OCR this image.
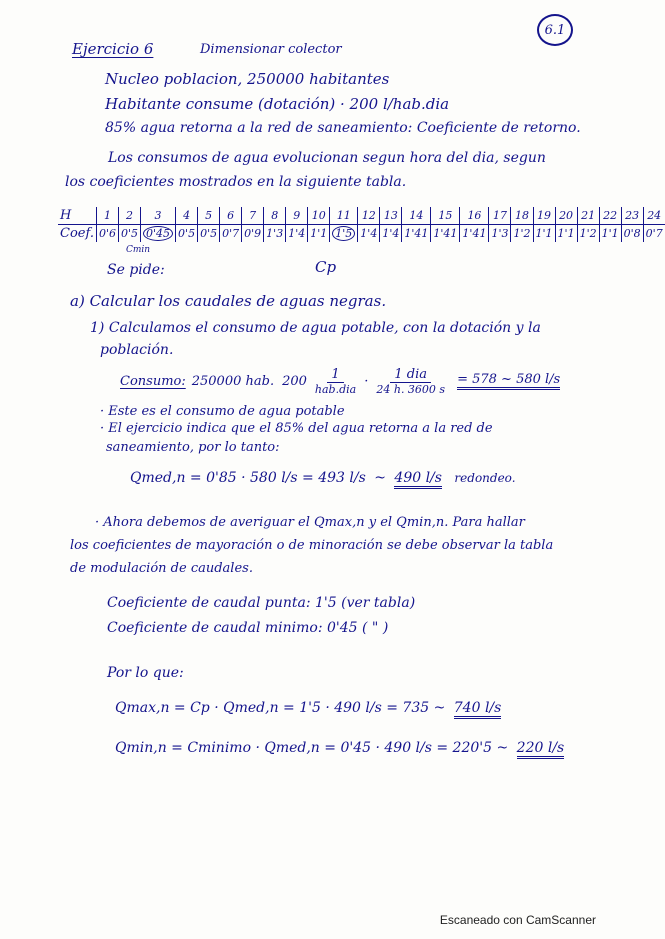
6.1
Ejercicio 6	Dimensionar colector
Nucleo poblacion, 250000 habitantes
Habitante consume (dotación) · 200 l/hab.dia
85% agua retorna a la red de saneamiento: Coeficiente de retorno.
Los consumos de agua evolucionan segun hora del dia, segun
los coeficientes mostrados en la siguiente tabla.
H	1	2	3	4	5	6	7	8	9	10	11	12	13	14	15	16	17	18	19	20	21	22	23	24
Coef.	0'6	0'5	0'45	0'5	0'5	0'7	0'9	1'3	1'4	1'1	1'5	1'4	1'4	1'41	1'41	1'41	1'3	1'2	1'1	1'1	1'2	1'1	0'8	0'7
Cmin
Cp
Se pide:
a) Calcular los caudales de aguas negras.
1) Calculamos el consumo de agua potable, con la dotación y la
población.
Consumo: 250000 hab. $200 \frac{1}{\text{hab.dia}} \cdot \frac{\text{1 dia}}{24 h. 3600 s} = 578$ ~ 580 l/s
· Este es el consumo de agua potable
· El ejercicio indica que el 85% del agua retorna a la red de
saneamiento, por lo tanto:
Qmed,n = 0'85 · 580 l/s = 493 l/s ~ 490 l/s redondeo.
· Ahora debemos de averiguar el Qmax,n y el Qmin,n. Para hallar
los coeficientes de mayoración o de minoración se debe observar la tabla
de modulación de caudales.
Coeficiente de caudal punta: 1'5 (ver tabla)
Coeficiente de caudal minimo: 0'45 ( " )
Por lo que:
Qmax,n = Cp · Qmed,n = 1'5 · 490 l/s = 735 ~ 740 l/s
Qmin,n = Cminimo · Qmed,n = 0'45 · 490 l/s = 220'5 ~ 220 l/s
Escaneado con CamScanner
